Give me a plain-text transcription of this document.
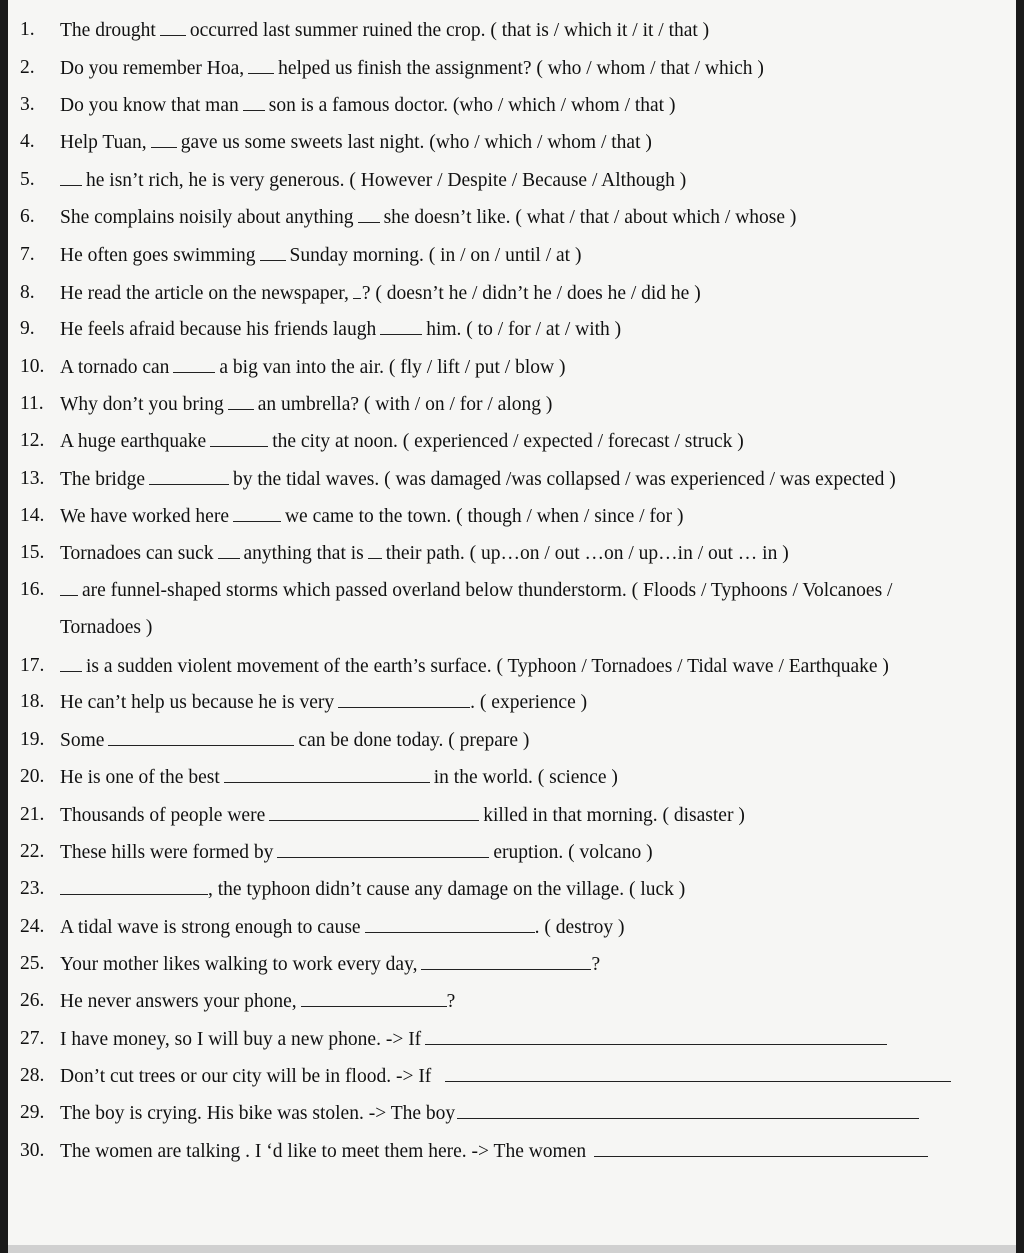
1. The drought occurred last summer ruined the crop. ( that is / which it / it / that )
2. Do you remember Hoa, helped us finish the assignment? ( who / whom / that / which )
3. Do you know that man son is a famous doctor. (who / which / whom / that )
4. Help Tuan, gave us some sweets last night. (who / which / whom / that )
5.	he isn’t rich, he is very generous. ( However / Despite / Because / Although )
6. She complains noisily about anything she doesn’t like. ( what / that / about which / whose )
7. He often goes swimming Sunday morning. ( in / on / until / at )
8. He read the article on the newspaper, ? ( doesn’t he / didn’t he / does he / did he )
9. He feels afraid because his friends laugh	him. ( to / for / at / with )
10. A tornado can	a big van into the air. ( fly / lift / put / blow )
11. Why don’t you bring an umbrella? ( with / on / for / along )
12. A huge earthquake	the city at noon. ( experienced / expected / forecast / struck )
13. The bridge	by the tidal waves. ( was damaged /was collapsed / was experienced / was expected )
14. We have worked here	we came to the town. ( though / when / since / for )
15. Tornadoes can suck anything that is their path. ( up…on / out …on / up…in / out … in )
16.	are funnel-shaped storms which passed overland below thunderstorm. ( Floods / Typhoons / Volcanoes /
Tornadoes )
17.	is a sudden violent movement of the earth’s surface. ( Typhoon / Tornadoes / Tidal wave / Earthquake )
18. He can’t help us because he is very	. ( experience )
19. Some	can be done today. ( prepare )
20. He is one of the best	in the world. ( science )
21. Thousands of people were	killed in that morning. ( disaster )
22. These hills were formed by	eruption. ( volcano )
23.	, the typhoon didn’t cause any damage on the village. ( luck )
24. A tidal wave is strong enough to cause	. ( destroy )
25. Your mother likes walking to work every day,	?
26. He never answers your phone,	?
27. I have money, so I will buy a new phone. -> If
28. Don’t cut trees or our city will be in flood. -> If
29. The boy is crying. His bike was stolen. -> The boy
30. The women are talking . I ‘d like to meet them here. -> The women
